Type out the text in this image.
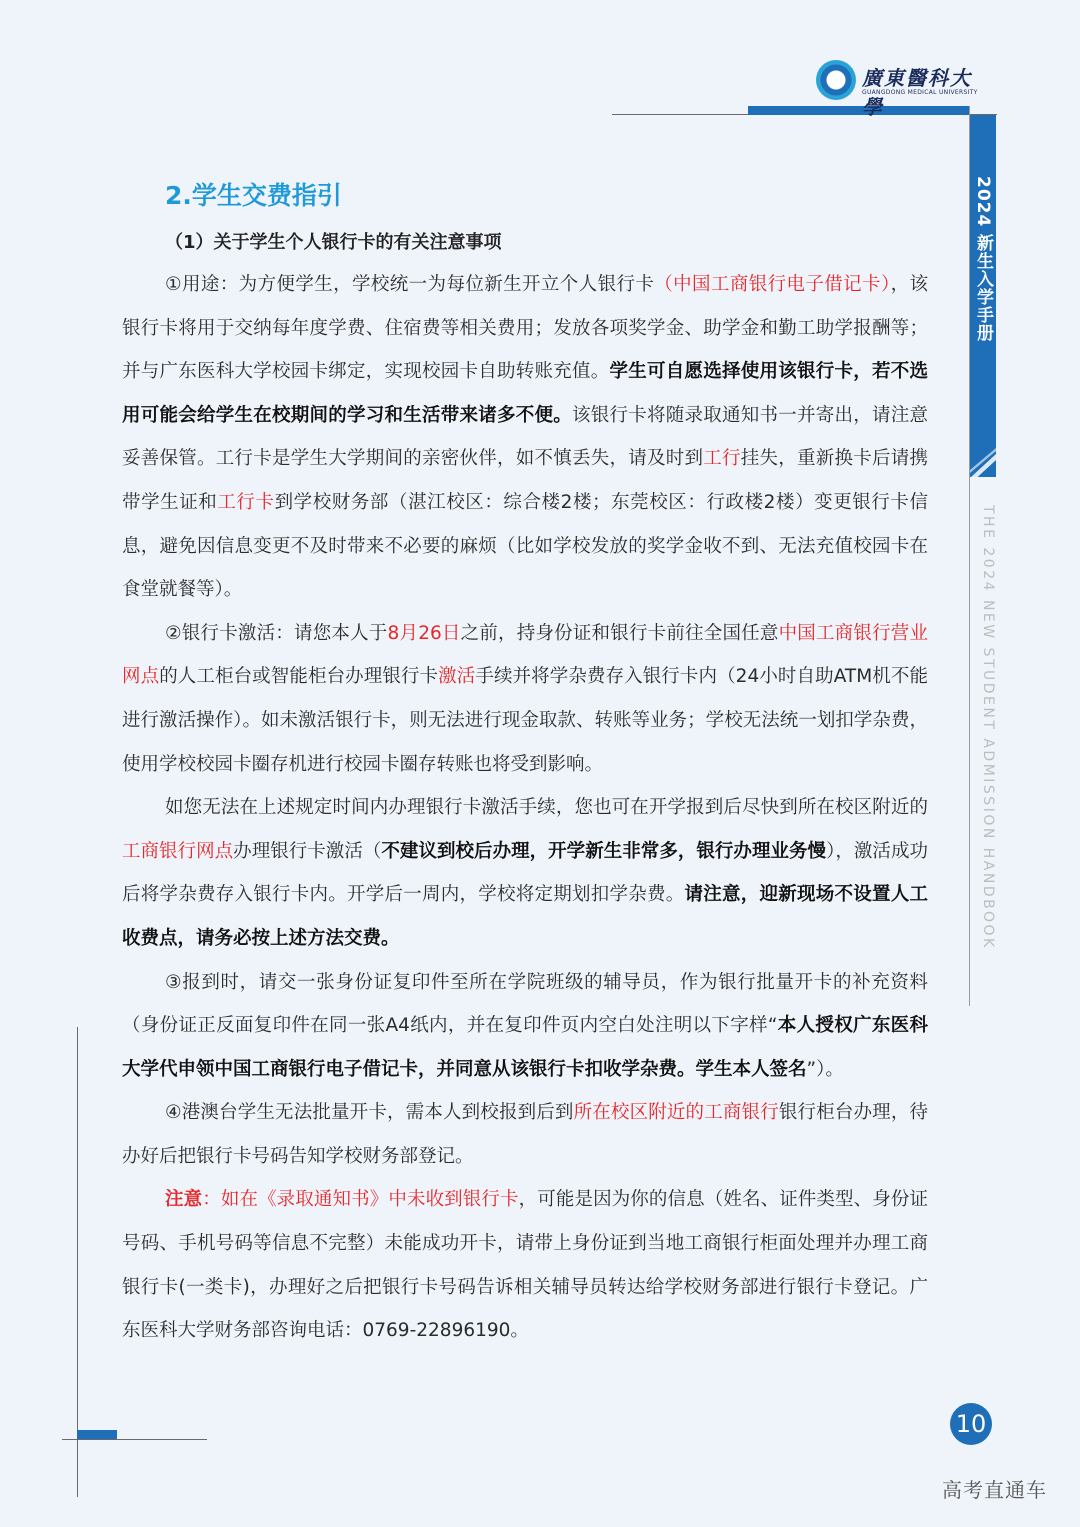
廣東醫科大學
GUANGDONG MEDICAL UNIVERSITY
2024 新生入学手册
THE 2024 NEW STUDENT ADMISSION HANDBOOK
2.学生交费指引
（1）关于学生个人银行卡的有关注意事项

①用途：为方便学生，学校统一为每位新生开立个人银行卡（中国工商银行电子借记卡），该银行卡将用于交纳每年度学费、住宿费等相关费用；发放各项奖学金、助学金和勤工助学报酬等；并与广东医科大学校园卡绑定，实现校园卡自助转账充值。学生可自愿选择使用该银行卡，若不选用可能会给学生在校期间的学习和生活带来诸多不便。该银行卡将随录取通知书一并寄出，请注意妥善保管。工行卡是学生大学期间的亲密伙伴，如不慎丢失，请及时到工行挂失，重新换卡后请携带学生证和工行卡到学校财务部（湛江校区：综合楼2楼；东莞校区：行政楼2楼）变更银行卡信息，避免因信息变更不及时带来不必要的麻烦（比如学校发放的奖学金收不到、无法充值校园卡在食堂就餐等）。

②银行卡激活：请您本人于8月26日之前，持身份证和银行卡前往全国任意中国工商银行营业网点的人工柜台或智能柜台办理银行卡激活手续并将学杂费存入银行卡内（24小时自助ATM机不能进行激活操作）。如未激活银行卡，则无法进行现金取款、转账等业务；学校无法统一划扣学杂费，使用学校校园卡圈存机进行校园卡圈存转账也将受到影响。

如您无法在上述规定时间内办理银行卡激活手续，您也可在开学报到后尽快到所在校区附近的工商银行网点办理银行卡激活（不建议到校后办理，开学新生非常多，银行办理业务慢），激活成功后将学杂费存入银行卡内。开学后一周内，学校将定期划扣学杂费。请注意，迎新现场不设置人工收费点，请务必按上述方法交费。

③报到时，请交一张身份证复印件至所在学院班级的辅导员，作为银行批量开卡的补充资料（身份证正反面复印件在同一张A4纸内，并在复印件页内空白处注明以下字样“本人授权广东医科大学代申领中国工商银行电子借记卡，并同意从该银行卡扣收学杂费。学生本人签名”）。

④港澳台学生无法批量开卡，需本人到校报到后到所在校区附近的工商银行银行柜台办理，待办好后把银行卡号码告知学校财务部登记。

注意：如在《录取通知书》中未收到银行卡，可能是因为你的信息（姓名、证件类型、身份证号码、手机号码等信息不完整）未能成功开卡，请带上身份证到当地工商银行柜面处理并办理工商银行卡(一类卡)，办理好之后把银行卡号码告诉相关辅导员转达给学校财务部进行银行卡登记。广东医科大学财务部咨询电话：0769-22896190。

10
高考直通车
